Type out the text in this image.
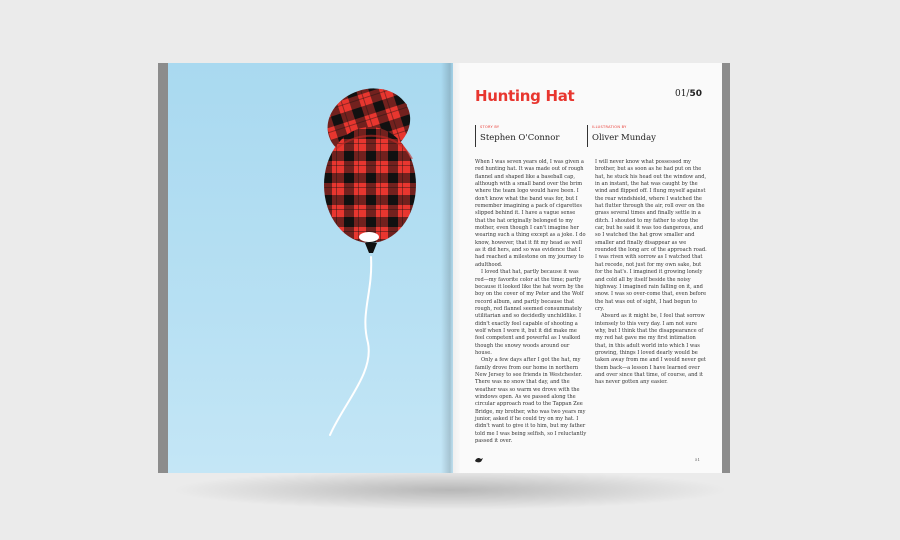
Hunting Hat	01/50
STORY BY
Stephen O'Connor
ILLUSTRATION BY
Oliver Munday

When I was seven years old, I was given a red hunting hat. It was made out of rough flannel and shaped like a baseball cap, although with a small band over the brim where the team logo would have been. I don't know what the band was for, but I remember imagining a pack of cigarettes slipped behind it. I have a vague sense that the hat originally belonged to my mother, even though I can't imagine her wearing such a thing except as a joke. I do know, however, that it fit my head as well as it did hers, and so was evidence that I had reached a milestone on my journey to adulthood.

I loved that hat, partly because it was red—my favorite color at the time; partly because it looked like the hat worn by the boy on the cover of my Peter and the Wolf record album, and partly because that rough, red flannel seemed consummately utilitarian and so decidedly unchildlike. I didn't exactly feel capable of shooting a wolf when I wore it, but it did make me feel competent and powerful as I walked though the snowy woods around our house.

Only a few days after I got the hat, my family drove from our home in northern New Jersey to see friends in Westchester. There was no snow that day, and the weather was so warm we drove with the windows open. As we passed along the circular approach road to the Tappan Zee Bridge, my brother, who was two years my junior, asked if he could try on my hat. I didn't want to give it to him, but my father told me I was being selfish, so I reluctantly passed it over.

I will never know what possessed my brother, but as soon as he had put on the hat, he stuck his head out the window and, in an instant, the hat was caught by the wind and flipped off. I flung myself against the rear windshield, where I watched the hat flutter through the air, roll over on the grass several times and finally settle in a ditch. I shouted to my father to stop the car, but he said it was too dangerous, and so I watched the hat grow smaller and smaller and finally disappear as we rounded the long arc of the approach road. I was riven with sorrow as I watched that hat recede, not just for my own sake, but for the hat's. I imagined it growing lonely and cold all by itself beside the noisy highway. I imagined rain falling on it, and snow. I was so over-come that, even before the hat was out of sight, I had begun to cry.

Absurd as it might be, I feel that sorrow intensely to this very day. I am not sure why, but I think that the disappearance of my red hat gave me my first intimation that, in this adult world into which I was growing, things I loved dearly would be taken away from me and I would never get them back—a lesson I have learned over and over since that time, of course, and it has never gotten any easier.

51
